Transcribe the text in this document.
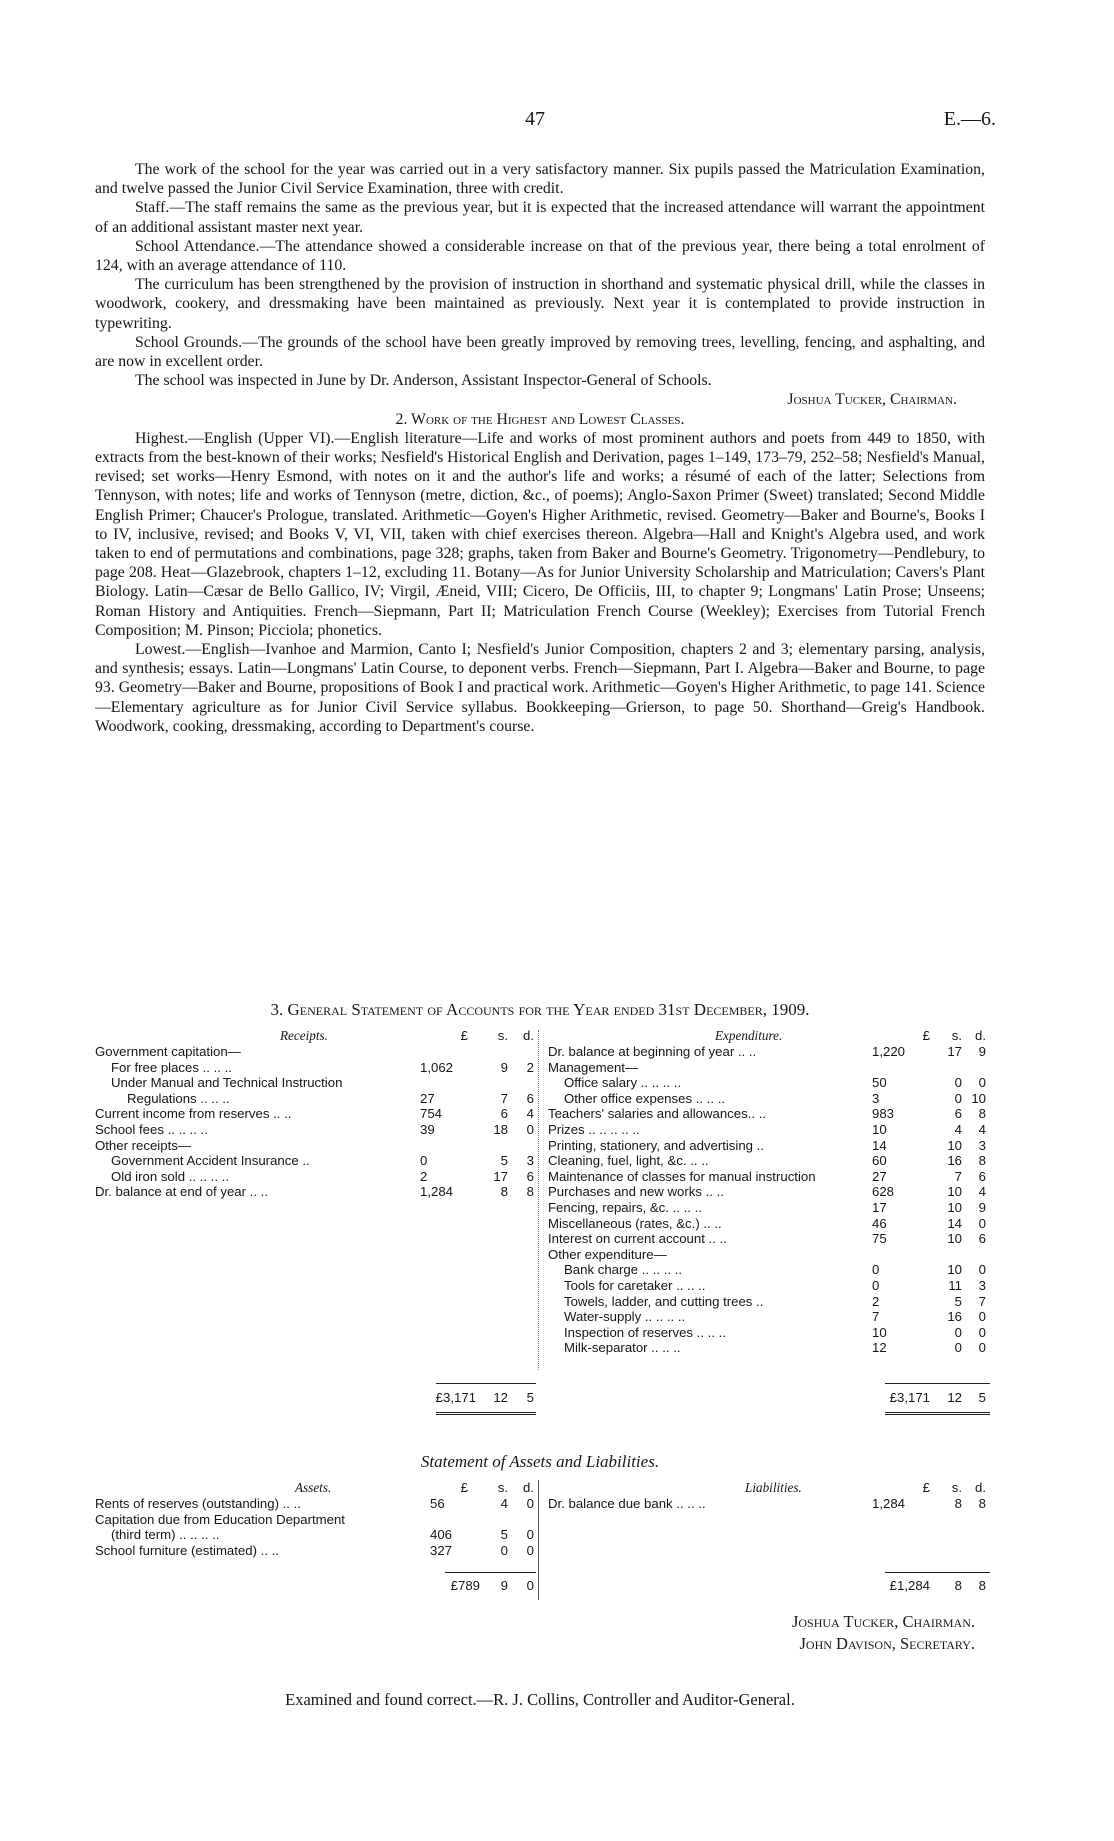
47	E.—6.

The work of the school for the year was carried out in a very satisfactory manner. Six pupils passed the Matriculation Examination, and twelve passed the Junior Civil Service Examination, three with credit.

Staff.—The staff remains the same as the previous year, but it is expected that the increased attendance will warrant the appointment of an additional assistant master next year.

School Attendance.—The attendance showed a considerable increase on that of the previous year, there being a total enrolment of 124, with an average attendance of 110.

The curriculum has been strengthened by the provision of instruction in shorthand and systematic physical drill, while the classes in woodwork, cookery, and dressmaking have been maintained as previously. Next year it is contemplated to provide instruction in typewriting.

School Grounds.—The grounds of the school have been greatly improved by removing trees, levelling, fencing, and asphalting, and are now in excellent order.

The school was inspected in June by Dr. Anderson, Assistant Inspector-General of Schools.

Joshua Tucker, Chairman.

2. Work of the Highest and Lowest Classes.

Highest.—English (Upper VI).—English literature—Life and works of most prominent authors and poets from 449 to 1850, with extracts from the best-known of their works; Nesfield's Historical English and Derivation, pages 1–149, 173–79, 252–58; Nesfield's Manual, revised; set works—Henry Esmond, with notes on it and the author's life and works; a résumé of each of the latter; Selections from Tennyson, with notes; life and works of Tennyson (metre, diction, &c., of poems); Anglo-Saxon Primer (Sweet) translated; Second Middle English Primer; Chaucer's Prologue, translated. Arithmetic—Goyen's Higher Arithmetic, revised. Geometry—Baker and Bourne's, Books I to IV, inclusive, revised; and Books V, VI, VII, taken with chief exercises thereon. Algebra—Hall and Knight's Algebra used, and work taken to end of permutations and combinations, page 328; graphs, taken from Baker and Bourne's Geometry. Trigonometry—Pendlebury, to page 208. Heat—Glazebrook, chapters 1–12, excluding 11. Botany—As for Junior University Scholarship and Matriculation; Cavers's Plant Biology. Latin—Cæsar de Bello Gallico, IV; Virgil, Æneid, VIII; Cicero, De Officiis, III, to chapter 9; Longmans' Latin Prose; Unseens; Roman History and Antiquities. French—Siepmann, Part II; Matriculation French Course (Weekley); Exercises from Tutorial French Composition; M. Pinson; Picciola; phonetics.

Lowest.—English—Ivanhoe and Marmion, Canto I; Nesfield's Junior Composition, chapters 2 and 3; elementary parsing, analysis, and synthesis; essays. Latin—Longmans' Latin Course, to deponent verbs. French—Siepmann, Part I. Algebra—Baker and Bourne, to page 93. Geometry—Baker and Bourne, propositions of Book I and practical work. Arithmetic—Goyen's Higher Arithmetic, to page 141. Science—Elementary agriculture as for Junior Civil Service syllabus. Bookkeeping—Grierson, to page 50. Shorthand—Greig's Handbook. Woodwork, cooking, dressmaking, according to Department's course.

3. General Statement of Accounts for the Year ended 31st December, 1909.
Receipts.	£	s.	d.	Expenditure.	£	s. d.
Government capitation—
For free places .. .. ..	1,062	9	2
Under Manual and Technical Instruction
Regulations .. .. ..	27	7	6
Current income from reserves .. ..	754	6	4
School fees .. .. .. ..	39	18	0
Other receipts—
Government Accident Insurance ..	0	5	3
Old iron sold .. .. .. ..	2	17	6
Dr. balance at end of year .. ..	1,284	8	8
Dr. balance at beginning of year .. ..	1,220	17	9
Management—
Office salary .. .. .. ..	50	0	0
Other office expenses .. .. ..	3	0 10
Teachers' salaries and allowances.. ..	983	6	8
Prizes .. .. .. .. ..	10	4	4
Printing, stationery, and advertising ..	14	10	3
Cleaning, fuel, light, &c. .. ..	60	16	8
Maintenance of classes for manual instruction	27	7	6
Purchases and new works .. ..	628	10	4
Fencing, repairs, &c. .. .. ..	17	10	9
Miscellaneous (rates, &c.) .. ..	46	14	0
Interest on current account .. ..	75	10	6
Other expenditure—
Bank charge .. .. .. ..	0	10	0
Tools for caretaker .. .. ..	0	11	3
Towels, ladder, and cutting trees ..	2	5	7
Water-supply .. .. .. ..	7	16	0
Inspection of reserves .. .. ..	10	0	0
Milk-separator .. .. ..	12	0	0
£3,171	12	5	£3,171	12	5
Statement of Assets and Liabilities.
Assets.	£	s.	d.	Liabilities.	£	s. d.
Rents of reserves (outstanding) .. ..	56	4	0
Capitation due from Education Department
(third term) .. .. .. ..	406	5	0
School furniture (estimated) .. ..	327	0	0
Dr. balance due bank .. .. ..	1,284	8	8
£789	9	0	£1,284	8	8
Joshua Tucker, Chairman.
John Davison, Secretary.
Examined and found correct.—R. J. Collins, Controller and Auditor-General.
